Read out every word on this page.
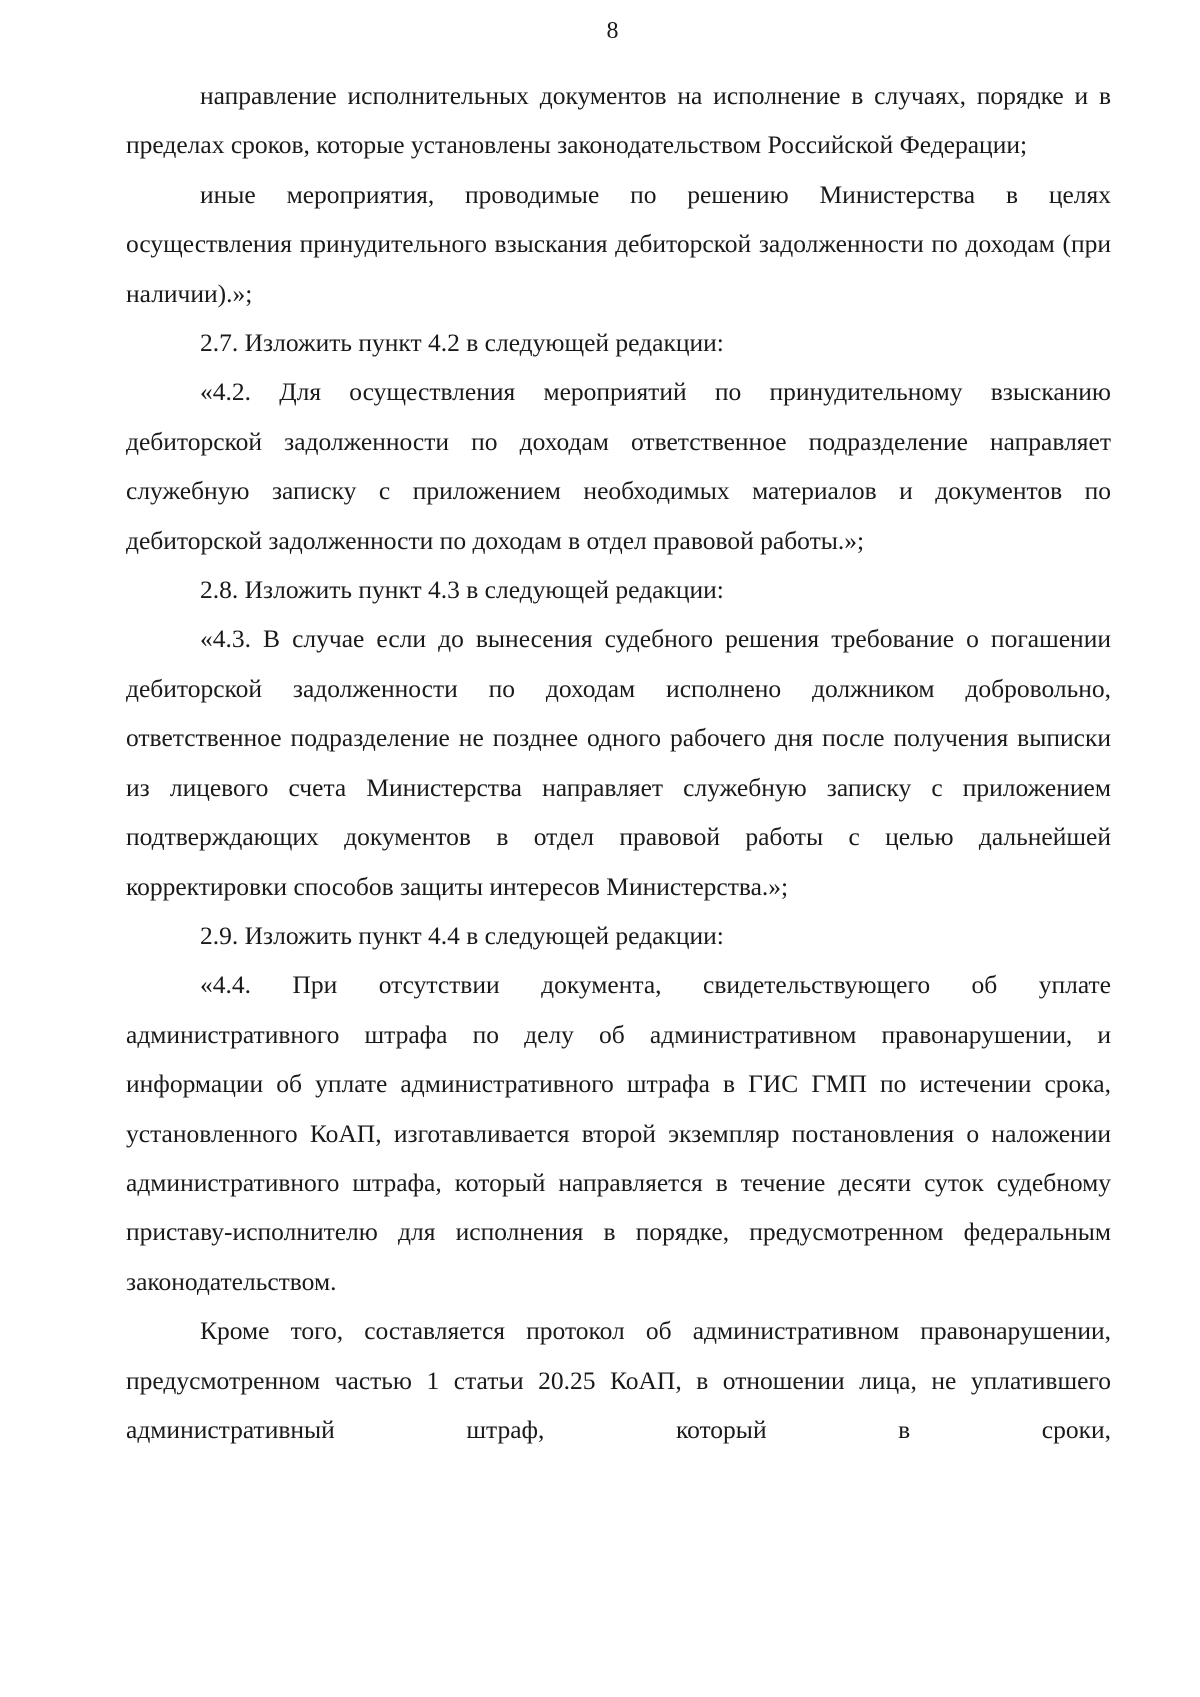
8

направление исполнительных документов на исполнение в случаях, порядке и в пределах сроков, которые установлены законодательством Российской Федерации;

иные мероприятия, проводимые по решению Министерства в целях осуществления принудительного взыскания дебиторской задолженности по доходам (при наличии).»;

2.7. Изложить пункт 4.2 в следующей редакции:

«4.2. Для осуществления мероприятий по принудительному взысканию дебиторской задолженности по доходам ответственное подразделение направляет служебную записку с приложением необходимых материалов и документов по дебиторской задолженности по доходам в отдел правовой работы.»;

2.8. Изложить пункт 4.3 в следующей редакции:

«4.3. В случае если до вынесения судебного решения требование о погашении дебиторской задолженности по доходам исполнено должником добровольно, ответственное подразделение не позднее одного рабочего дня после получения выписки из лицевого счета Министерства направляет служебную записку с приложением подтверждающих документов в отдел правовой работы с целью дальнейшей корректировки способов защиты интересов Министерства.»;

2.9. Изложить пункт 4.4 в следующей редакции:

«4.4. При отсутствии документа, свидетельствующего об уплате административного штрафа по делу об административном правонарушении, и информации об уплате административного штрафа в ГИС ГМП по истечении срока, установленного КоАП, изготавливается второй экземпляр постановления о наложении административного штрафа, который направляется в течение десяти суток судебному приставу-исполнителю для исполнения в порядке, предусмотренном федеральным законодательством.

Кроме того, составляется протокол об административном правонарушении, предусмотренном частью 1 статьи 20.25 КоАП, в отношении лица, не уплатившего административный штраф, который в сроки,
